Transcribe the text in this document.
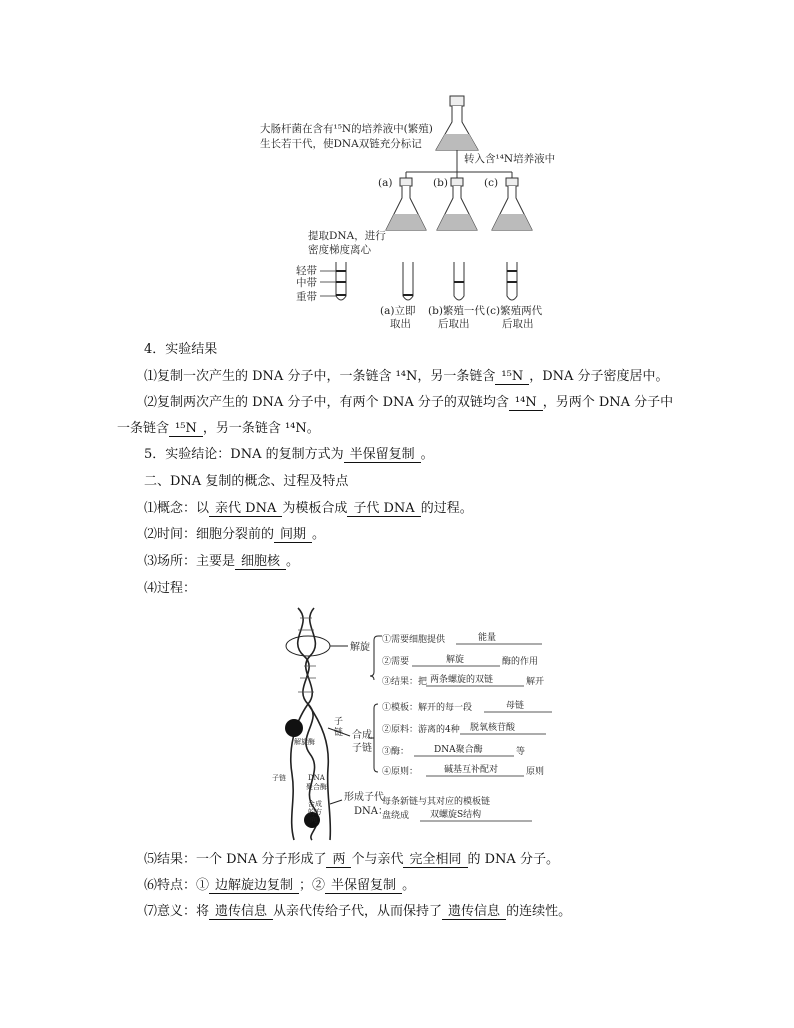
大肠杆菌在含有¹⁵N的培养液中(繁殖)
生长若干代，使DNA双链充分标记
转入含¹⁴N培养液中
(a)	(b)	(c)
提取DNA，进行
密度梯度离心
轻带
中带
重带
(a)立即
取出
(b)繁殖一代
后取出
(c)繁殖两代
后取出
4．实验结果
⑴复制一次产生的 DNA 分子中，一条链含 ¹⁴N，另一条链含 ¹⁵N ，DNA 分子密度居中。
⑵复制两次产生的 DNA 分子中，有两个 DNA 分子的双链均含 ¹⁴N ，另两个 DNA 分子中
一条链含 ¹⁵N ，另一条链含 ¹⁴N。
5．实验结论：DNA 的复制方式为 半保留复制 。
二、DNA 复制的概念、过程及特点
⑴概念：以 亲代 DNA 为模板合成 子代 DNA 的过程。
⑵时间：细胞分裂前的 间期 。
⑶场所：主要是 细胞核 。
⑷过程：
解旋酶
子链	DNA
聚合酶
合成
的方
向
子
链
解旋
合成
子链
形成子代
DNA：
①需要细胞提供	能量
②需要	解旋	酶的作用
③结果：把 两条螺旋的双链	解开
①模板：解开的每一段	母链
②原料：游离的4种 脱氧核苷酸
③酶：	DNA聚合酶	等
④原则：	碱基互补配对	原则
每条新链与其对应的模板链
盘绕成 双螺旋S结构
⑸结果：一个 DNA 分子形成了 两 个与亲代 完全相同 的 DNA 分子。
⑹特点：① 边解旋边复制 ；② 半保留复制 。
⑺意义：将 遗传信息 从亲代传给子代，从而保持了 遗传信息 的连续性。
